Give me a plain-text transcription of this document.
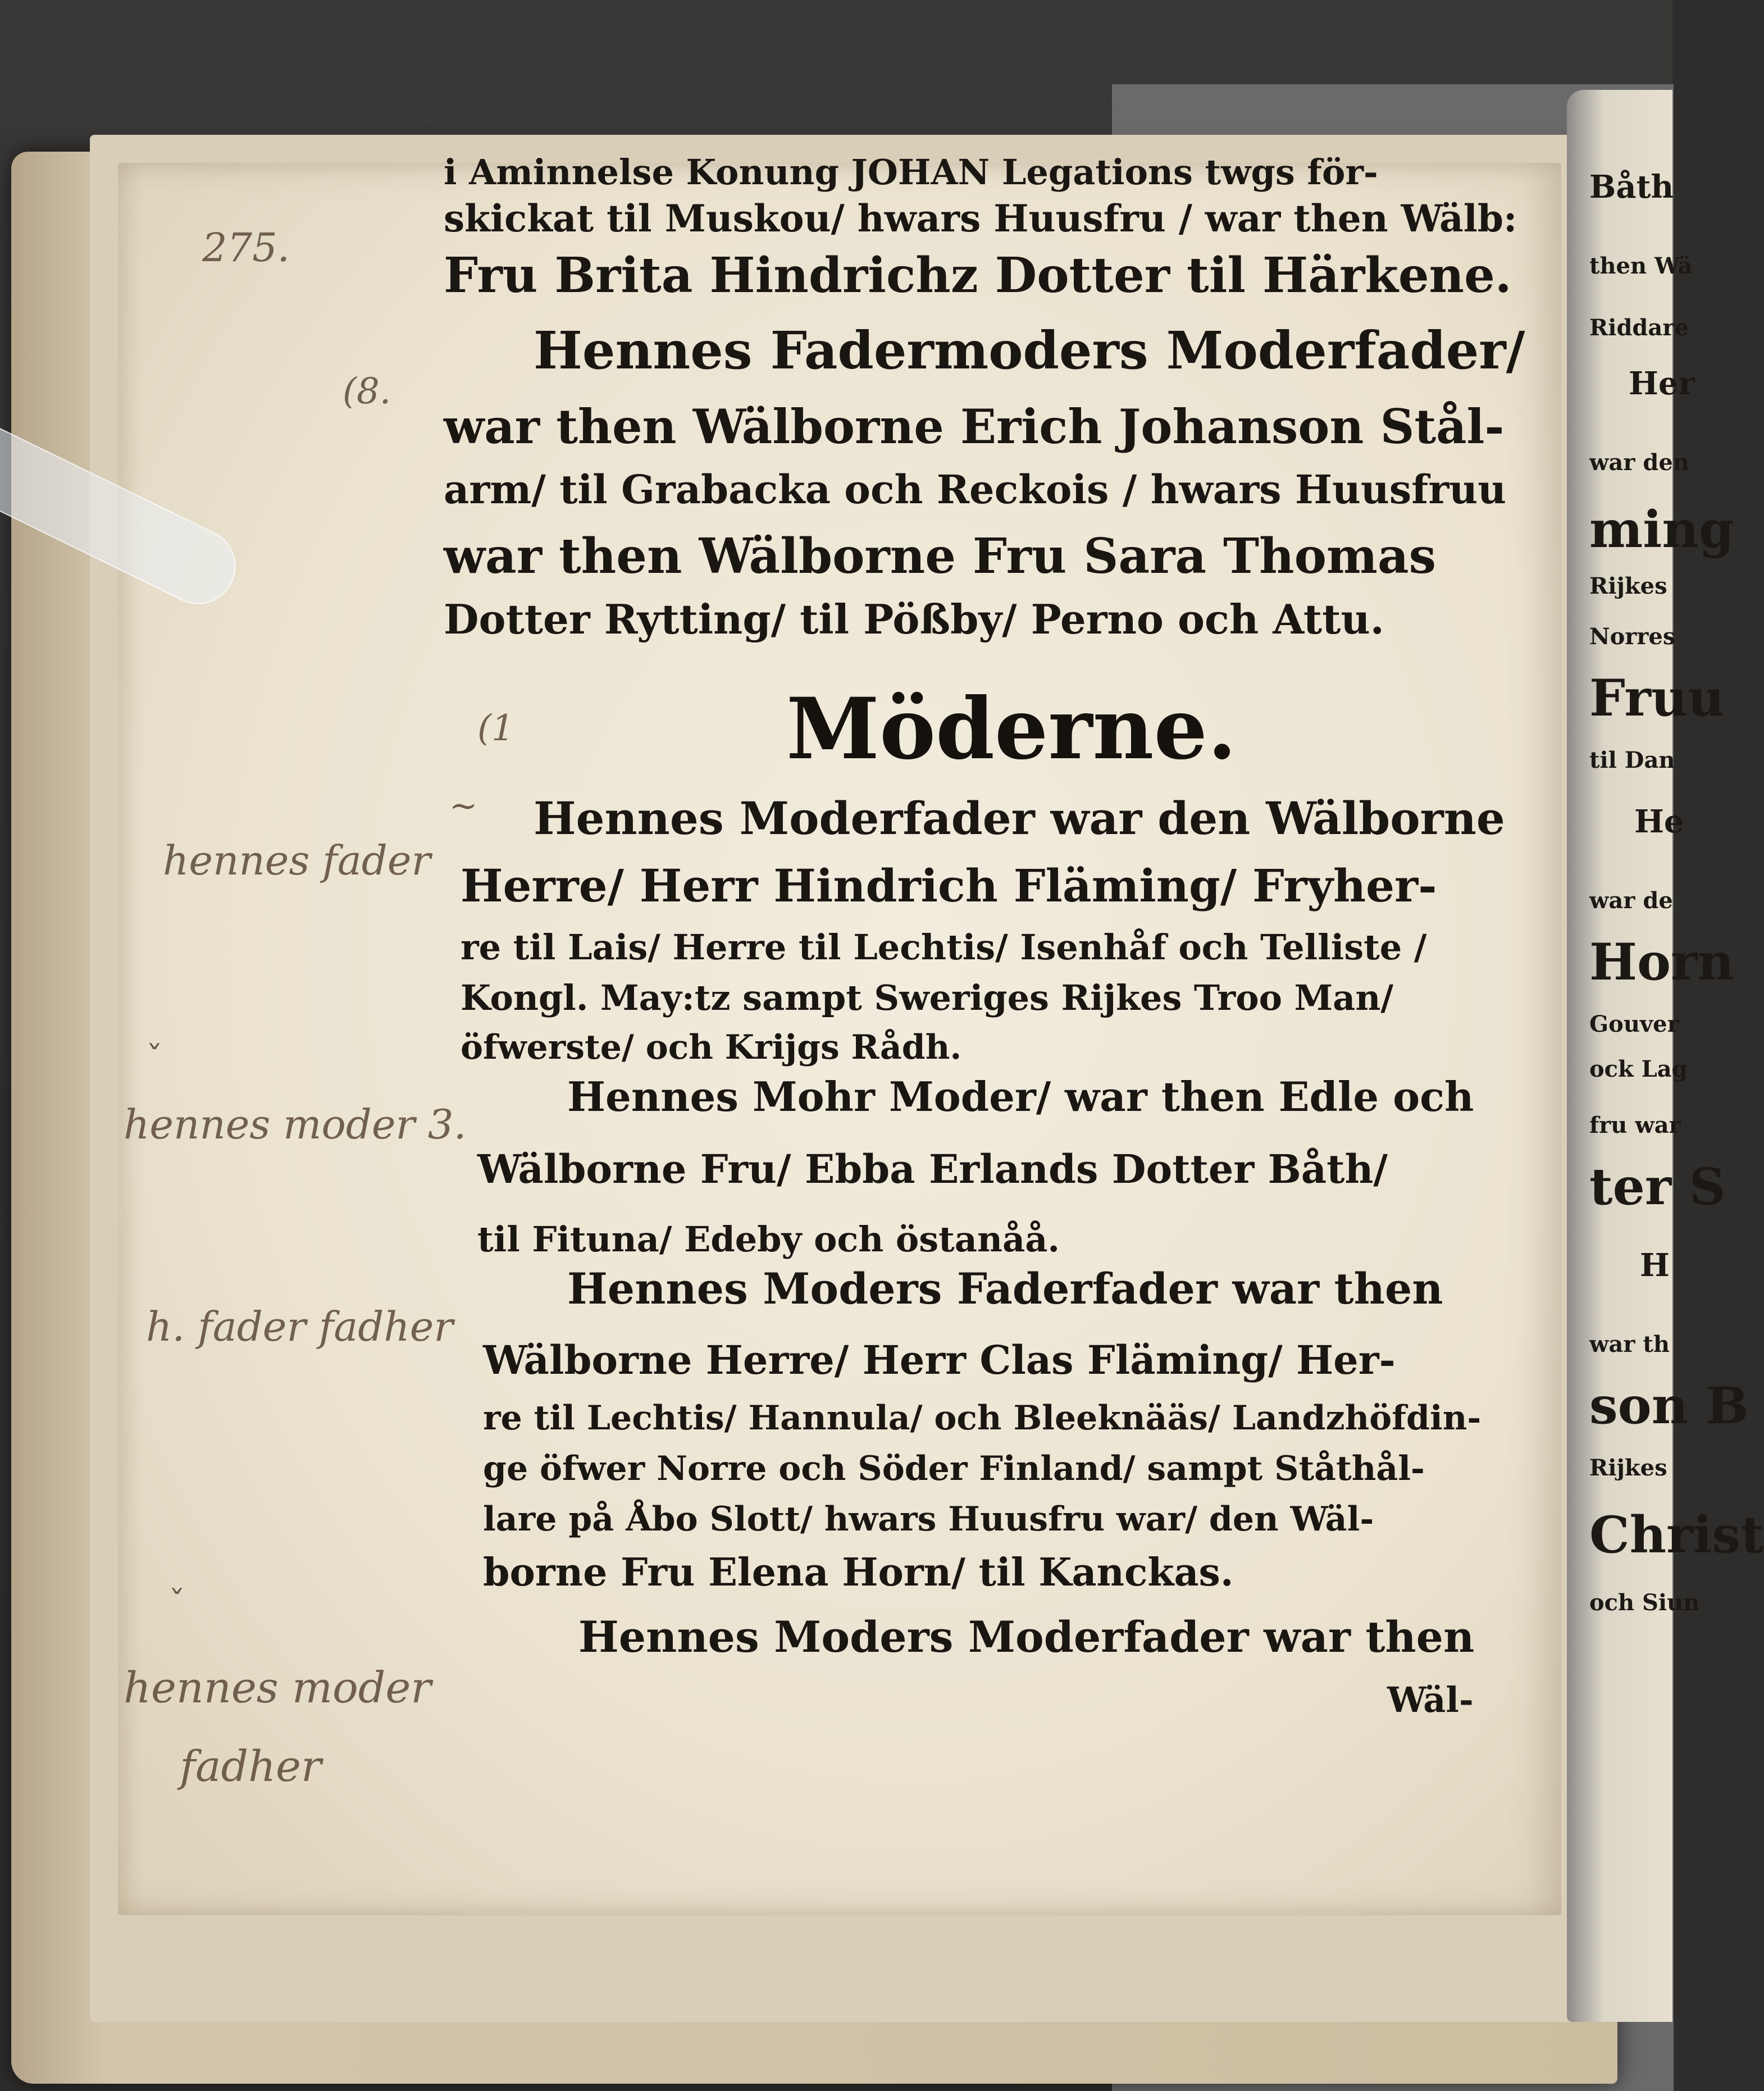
Båth
then Wä
Riddare
Her
war den
ming
Rijkes
Norres
Fruu
til Dan
He
war de
Horn
Gouver
ock Lag
fru war
ter S
H
war th
son B
Rijkes
Christ
och Siun
i Aminnelse Konung JOHAN Legations twgs för-
skickat til Muskou/ hwars Huusfru / war then Wälb:
Fru Brita Hindrichz Dotter til Härkene.
Hennes Fadermoders Moderfader/
war then Wälborne Erich Johanson Stål-
arm/ til Grabacka och Reckois / hwars Huusfruu
war then Wälborne Fru Sara Thomas
Dotter Rytting/ til Pößby/ Perno och Attu.
Möderne.
Hennes Moderfader war den Wälborne
Herre/ Herr Hindrich Fläming/ Fryher-
re til Lais/ Herre til Lechtis/ Isenhåf och Telliste /
Kongl. May:tz sampt Sweriges Rijkes Troo Man/
öfwerste/ och Krijgs Rådh.
Hennes Mohr Moder/ war then Edle och
Wälborne Fru/ Ebba Erlands Dotter Båth/
til Fituna/ Edeby och östanåå.
Hennes Moders Faderfader war then
Wälborne Herre/ Herr Clas Fläming/ Her-
re til Lechtis/ Hannula/ och Bleeknääs/ Landzhöfdin-
ge öfwer Norre och Söder Finland/ sampt Ståthål-
lare på Åbo Slott/ hwars Huusfru war/ den Wäl-
borne Fru Elena Horn/ til Kanckas.
Hennes Moders Moderfader war then
Wäl-
275.
(8.
(1
hennes fader
hennes moder 3.
h. fader fadher
hennes moder
fadher
~
ˇ
ˇ
